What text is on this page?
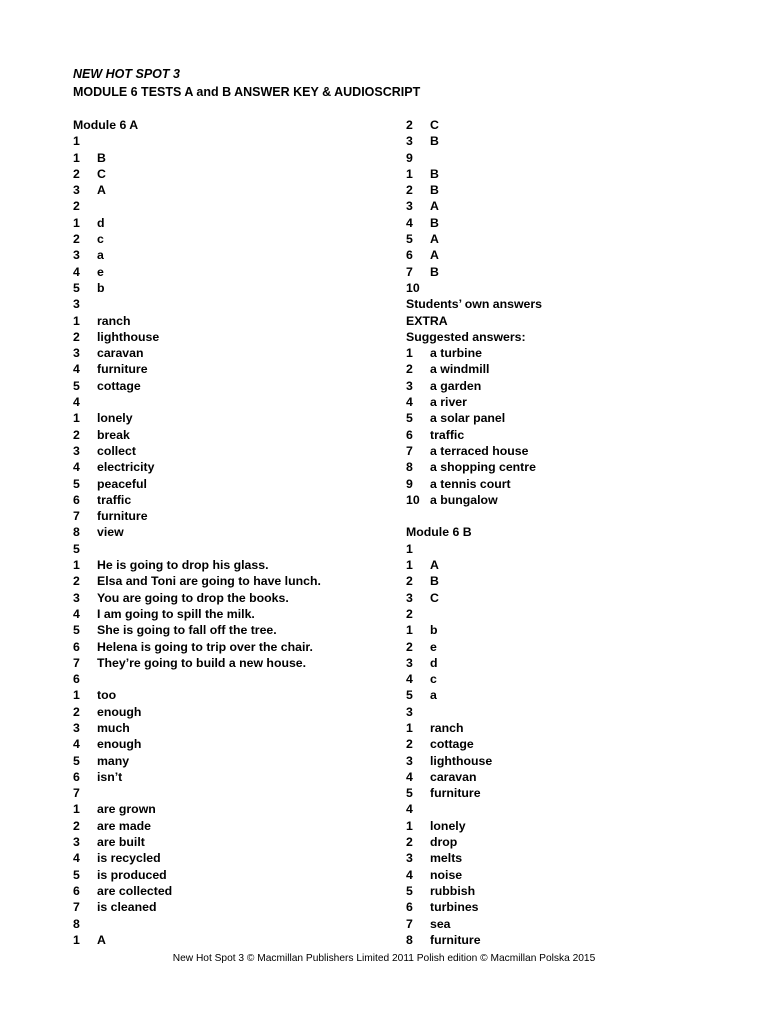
NEW HOT SPOT 3
MODULE 6 TESTS A and B ANSWER KEY & AUDIOSCRIPT
Module 6 A
1
1 B
2 C
3 A
2
1 d
2 c
3 a
4 e
5 b
3
1 ranch
2 lighthouse
3 caravan
4 furniture
5 cottage
4
1 lonely
2 break
3 collect
4 electricity
5 peaceful
6 traffic
7 furniture
8 view
5
1 He is going to drop his glass.
2 Elsa and Toni are going to have lunch.
3 You are going to drop the books.
4 I am going to spill the milk.
5 She is going to fall off the tree.
6 Helena is going to trip over the chair.
7 They’re going to build a new house.
6
1 too
2 enough
3 much
4 enough
5 many
6 isn’t
7
1 are grown
2 are made
3 are built
4 is recycled
5 is produced
6 are collected
7 is cleaned
8
1 A
2 C
3 B
9
1 B
2 B
3 A
4 B
5 A
6 A
7 B
10
Students’ own answers
EXTRA
Suggested answers:
1 a turbine
2 a windmill
3 a garden
4 a river
5 a solar panel
6 traffic
7 a terraced house
8 a shopping centre
9 a tennis court
10 a bungalow
Module 6 B
1
1 A
2 B
3 C
2
1 b
2 e
3 d
4 c
5 a
3
1 ranch
2 cottage
3 lighthouse
4 caravan
5 furniture
4
1 lonely
2 drop
3 melts
4 noise
5 rubbish
6 turbines
7 sea
8 furniture
New Hot Spot 3 © Macmillan Publishers Limited 2011 Polish edition © Macmillan Polska 2015
